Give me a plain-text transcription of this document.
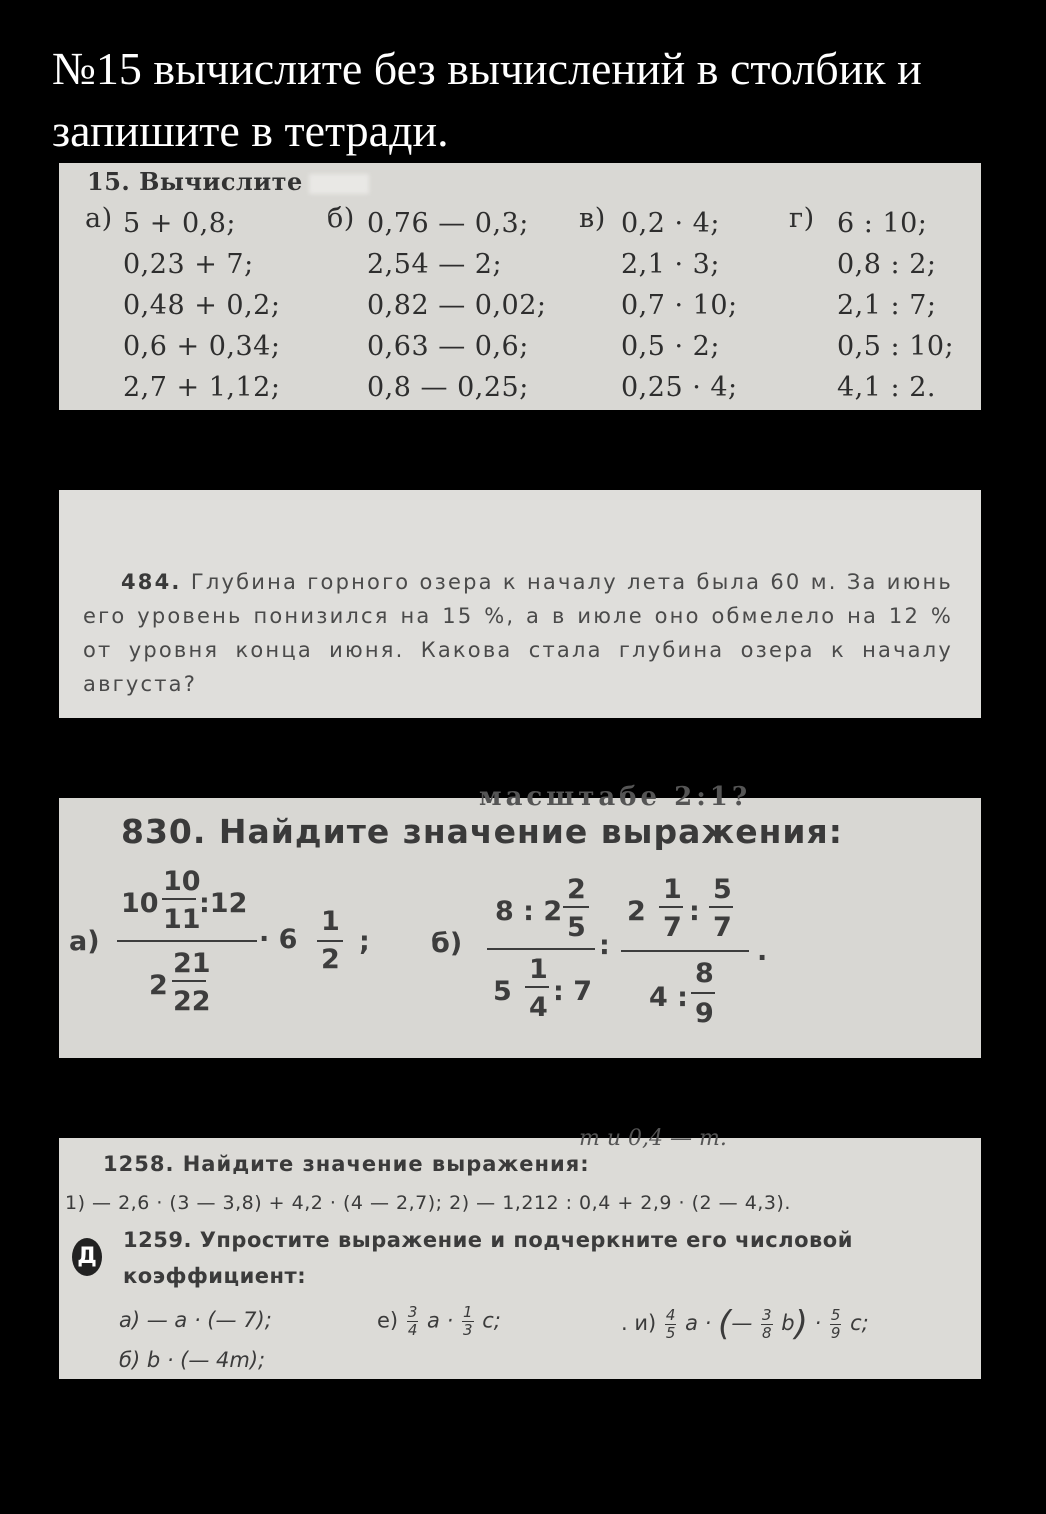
№15 вычислите без вычислений в столбик и запишите в тетради.
15. Вычислите
а) 5 + 0,8;
0,23 + 7;
0,48 + 0,2;
0,6 + 0,34;
2,7 + 1,12;
б) 0,76 — 0,3;
2,54 — 2;
0,82 — 0,02;
0,63 — 0,6;
0,8 — 0,25;
в) 0,2 · 4;
2,1 · 3;
0,7 · 10;
0,5 · 2;
0,25 · 4;
г) 6 : 10;
0,8 : 2;
2,1 : 7;
0,5 : 10;
4,1 : 2.
484. Глубина горного озера к началу лета была 60 м. За июнь его уровень понизился на 15 %, а в июле оно обмелело на 12 % от уровня конца июня. Какова стала глубина озера к началу августа?
масштабе 2:1?
830. Найдите значение выражения:
а)
10
10
11
:12
2
21
22
· 6
1
2
; б)
8 : 2
2
5
5
1
4
: 7
:
2
1
7
:
5
7
4 :
8
9
.
m и 0,4 — m.
1258. Найдите значение выражения:
1) — 2,6 · (3 — 3,8) + 4,2 · (4 — 2,7); 2) — 1,212 : 0,4 + 2,9 · (2 — 4,3).
Д
1259. Упростите выражение и подчеркните его числовой
коэффициент:
а) — a · (— 7);
б) b · (— 4m);
$е) \frac{3}{4}$ $a \cdot \frac{1}{3} c$;	. $и) \frac{4}{5}$ a · (— $\frac{3}{8} b) \cdot \frac{5}{9} c$;
